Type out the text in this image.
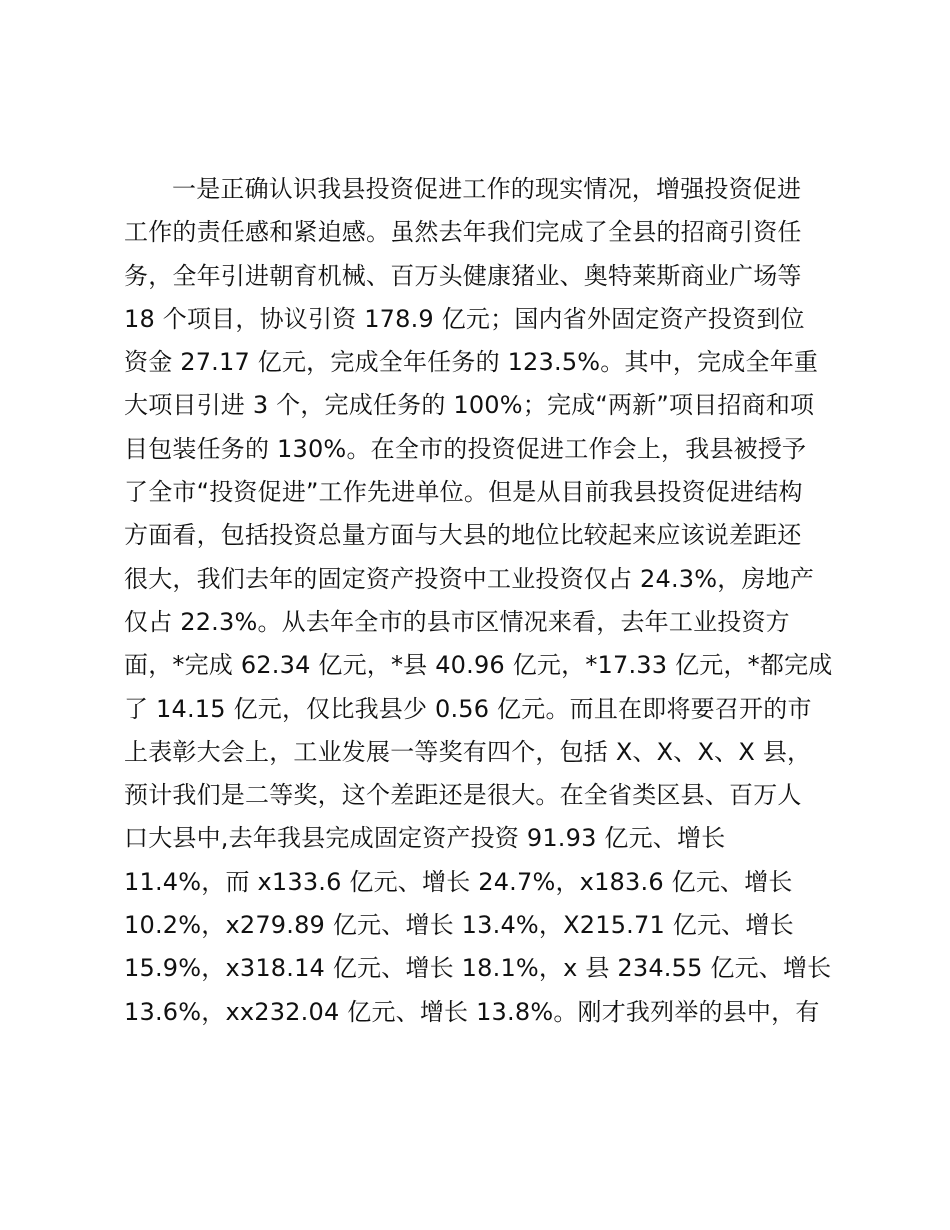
一是正确认识我县投资促进工作的现实情况，增强投资促进
工作的责任感和紧迫感。虽然去年我们完成了全县的招商引资任
务，全年引进朝育机械、百万头健康猪业、奥特莱斯商业广场等
18 个项目，协议引资 178.9 亿元；国内省外固定资产投资到位
资金 27.17 亿元，完成全年任务的 123.5%。其中，完成全年重
大项目引进 3 个，完成任务的 100%；完成“两新”项目招商和项
目包装任务的 130%。在全市的投资促进工作会上，我县被授予
了全市“投资促进”工作先进单位。但是从目前我县投资促进结构
方面看，包括投资总量方面与大县的地位比较起来应该说差距还
很大，我们去年的固定资产投资中工业投资仅占 24.3%，房地产
仅占 22.3%。从去年全市的县市区情况来看，去年工业投资方
面，*完成 62.34 亿元，*县 40.96 亿元，*17.33 亿元，*都完成
了 14.15 亿元，仅比我县少 0.56 亿元。而且在即将要召开的市
上表彰大会上，工业发展一等奖有四个，包括 X、X、X、X 县，
预计我们是二等奖，这个差距还是很大。在全省类区县、百万人
口大县中,去年我县完成固定资产投资 91.93 亿元、增长
11.4%，而 x133.6 亿元、增长 24.7%，x183.6 亿元、增长
10.2%，x279.89 亿元、增长 13.4%，X215.71 亿元、增长
15.9%，x318.14 亿元、增长 18.1%，x 县 234.55 亿元、增长
13.6%，xx232.04 亿元、增长 13.8%。刚才我列举的县中，有
